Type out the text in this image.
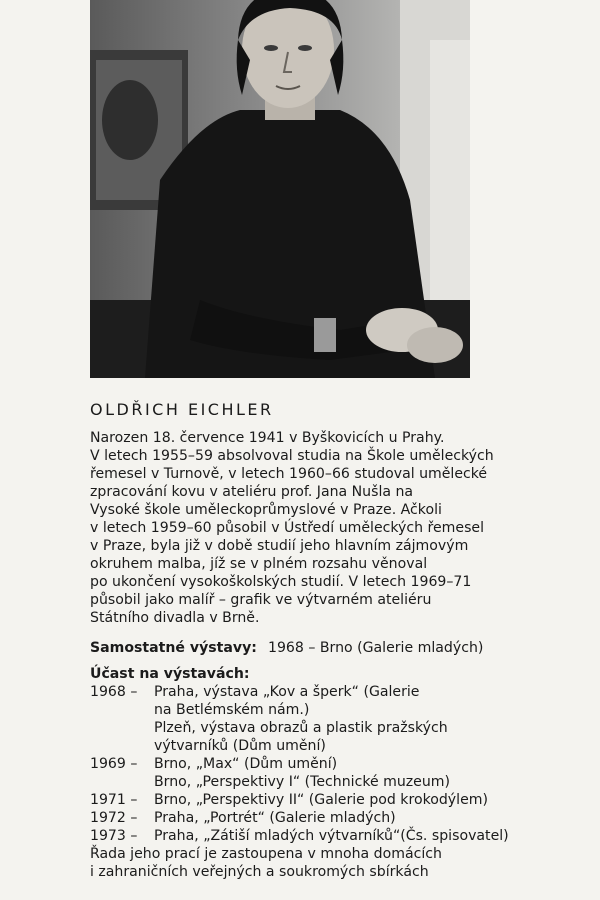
OLDŘICH EICHLER

Narozen 18. července 1941 v Byškovicích u Prahy.
V letech 1955–59 absolvoval studia na Škole uměleckých
řemesel v Turnově, v letech 1960–66 studoval umělecké
zpracování kovu v ateliéru prof. Jana Nušla na
Vysoké škole uměleckoprůmyslové v Praze. Ačkoli
v letech 1959–60 působil v Ústředí uměleckých řemesel
v Praze, byla již v době studií jeho hlavním zájmovým
okruhem malba, jíž se v plném rozsahu věnoval
po ukončení vysokoškolských studií. V letech 1969–71
působil jako malíř – grafik ve výtvarném ateliéru
Státního divadla v Brně.

Samostatné výstavy: 1968 – Brno (Galerie mladých)
Účast na výstavách:
1968 – Praha, výstava „Kov a šperk“ (Galerie
na Betlémském nám.)
Plzeň, výstava obrazů a plastik pražských
výtvarníků (Dům umění)
1969 – Brno, „Max“ (Dům umění)
Brno, „Perspektivy I“ (Technické muzeum)
1971 – Brno, „Perspektivy II“ (Galerie pod krokodýlem)
1972 – Praha, „Portrét“ (Galerie mladých)
1973 – Praha, „Zátiší mladých výtvarníků“(Čs. spisovatel)
Řada jeho prací je zastoupena v mnoha domácích
i zahraničních veřejných a soukromých sbírkách
